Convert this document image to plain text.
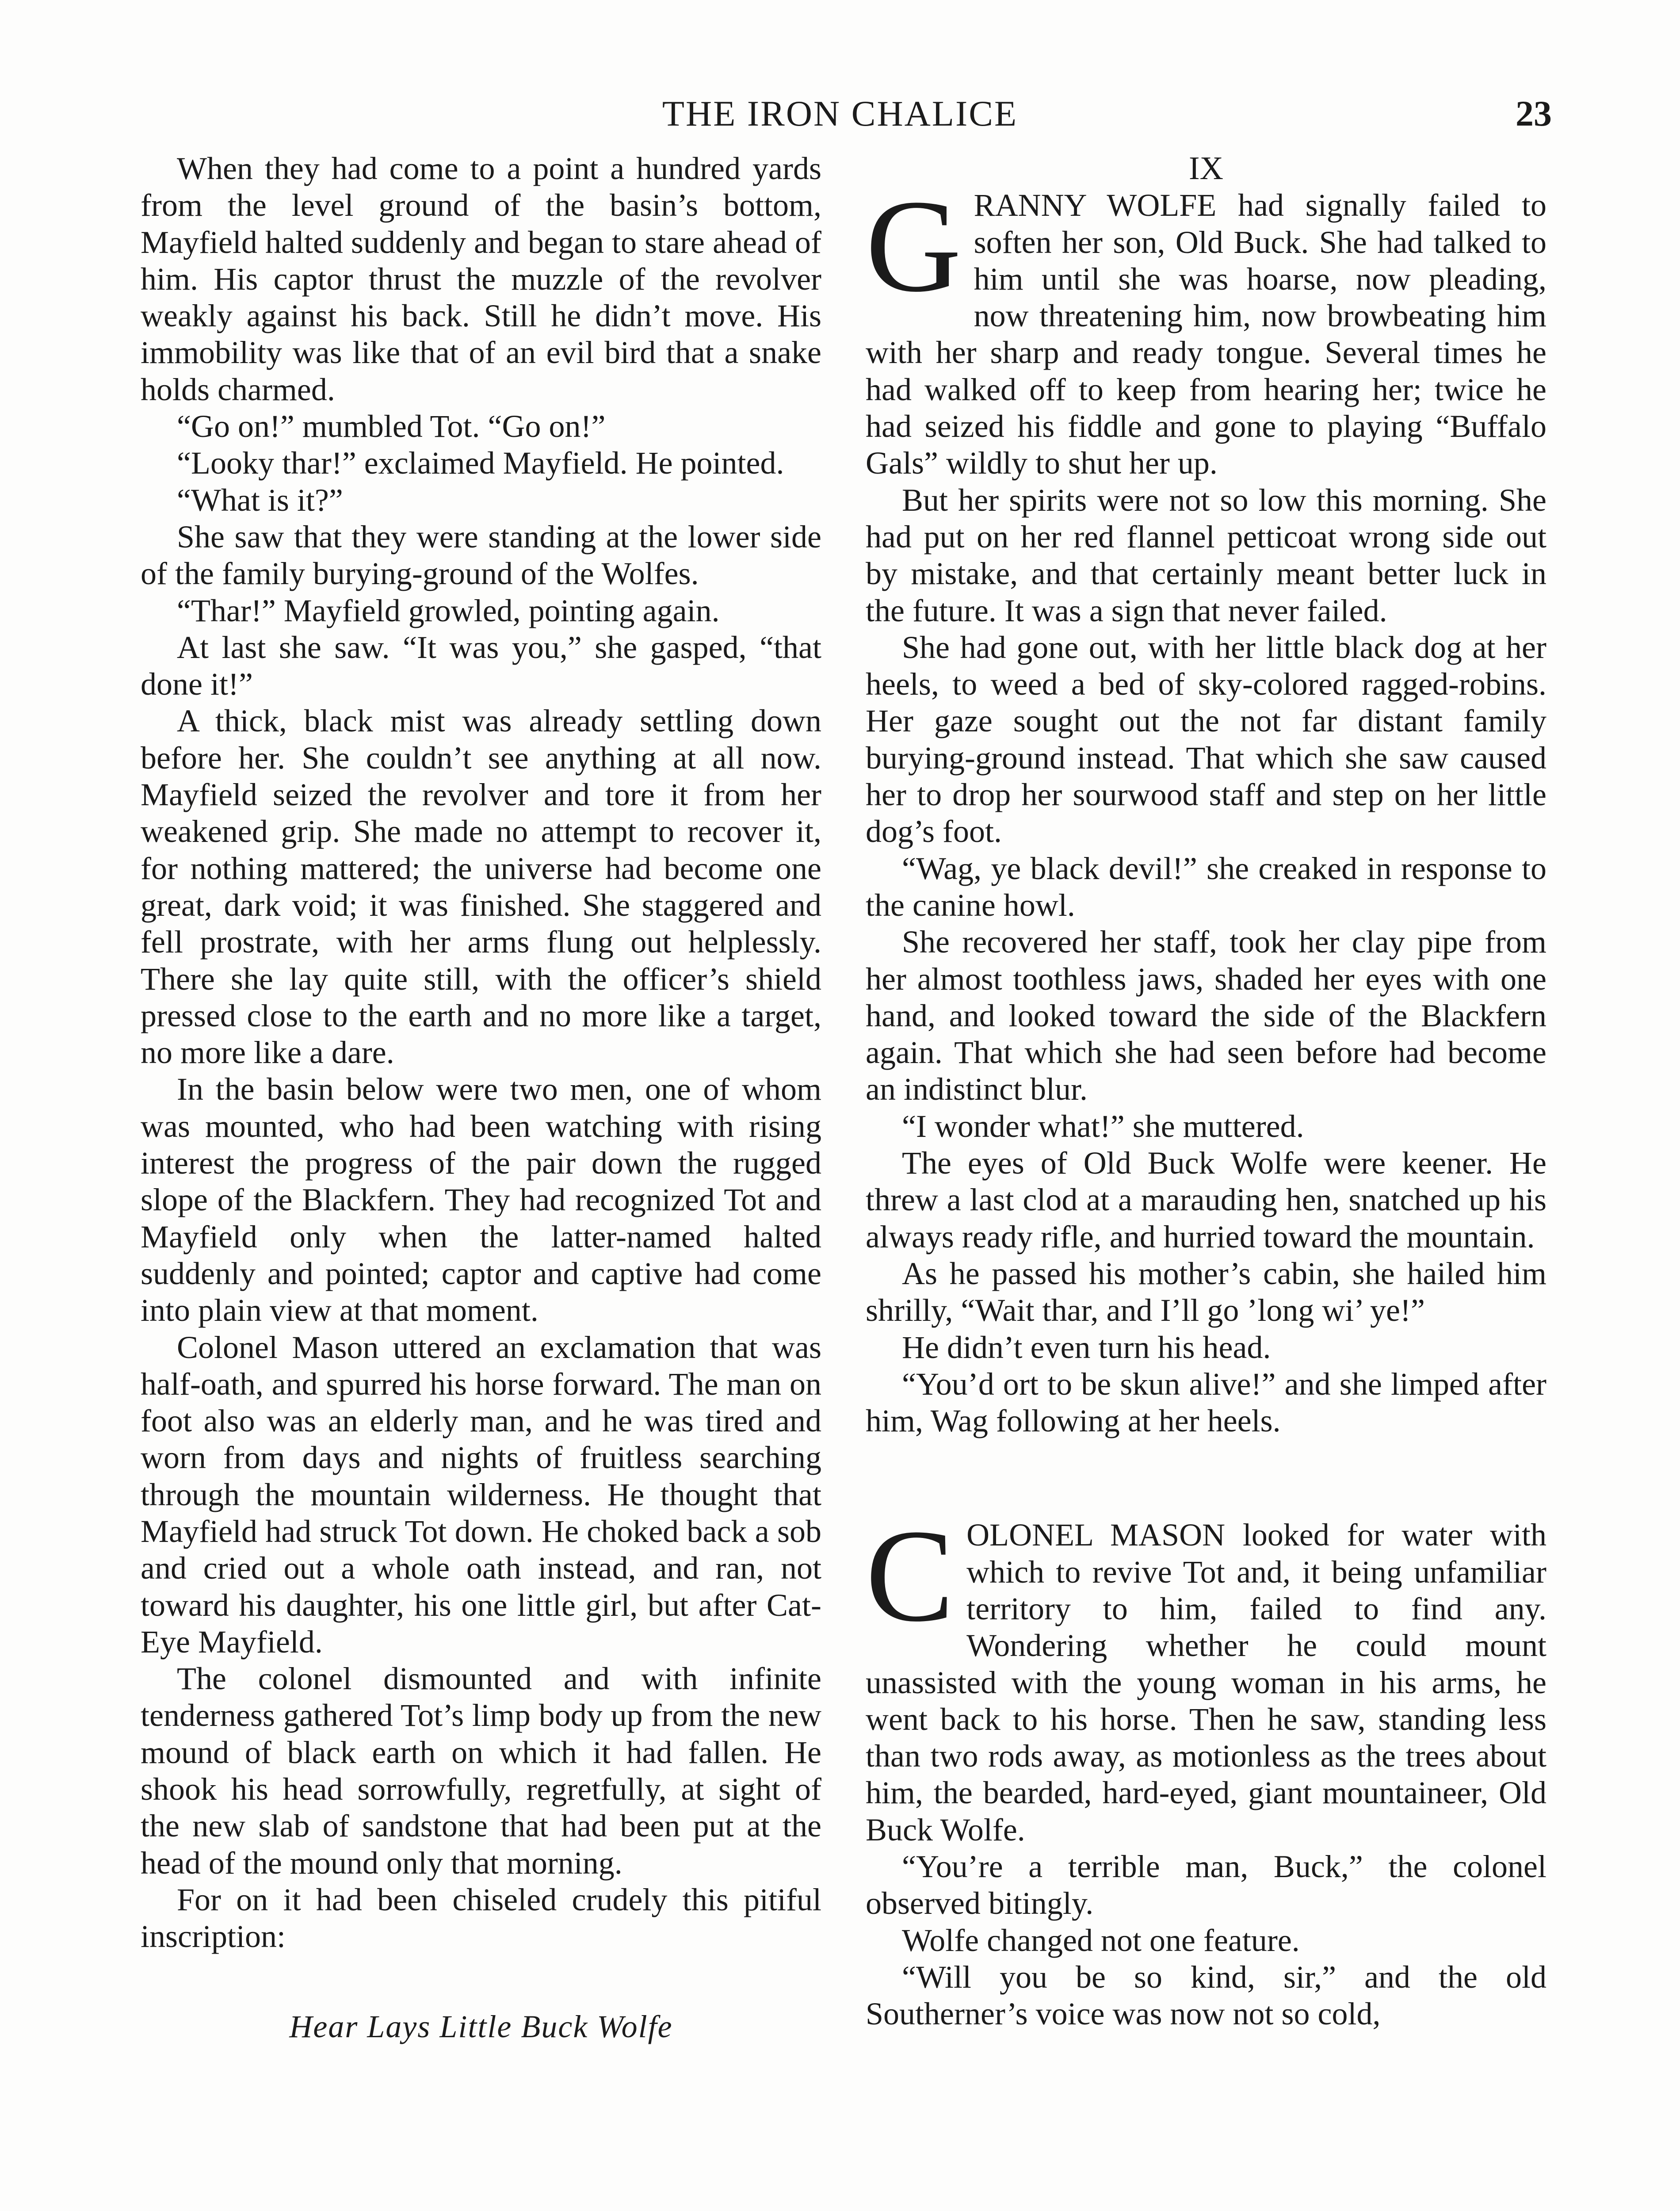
THE IRON CHALICE	23

When they had come to a point a hundred yards from the level ground of the basin’s bottom, Mayfield halted suddenly and began to stare ahead of him. His captor thrust the muzzle of the revolver weakly against his back. Still he didn’t move. His immobility was like that of an evil bird that a snake holds charmed.

“Go on!” mumbled Tot. “Go on!”

“Looky thar!” exclaimed Mayfield. He pointed.

“What is it?”

She saw that they were standing at the lower side of the family burying-ground of the Wolfes.

“Thar!” Mayfield growled, pointing again.

At last she saw. “It was you,” she gasped, “that done it!”

A thick, black mist was already settling down before her. She couldn’t see anything at all now. Mayfield seized the revolver and tore it from her weakened grip. She made no attempt to recover it, for nothing mattered; the universe had become one great, dark void; it was finished. She staggered and fell prostrate, with her arms flung out helplessly. There she lay quite still, with the officer’s shield pressed close to the earth and no more like a target, no more like a dare.

In the basin below were two men, one of whom was mounted, who had been watching with rising interest the progress of the pair down the rugged slope of the Blackfern. They had recognized Tot and Mayfield only when the latter-named halted suddenly and pointed; captor and captive had come into plain view at that moment.

Colonel Mason uttered an exclamation that was half-oath, and spurred his horse forward. The man on foot also was an elderly man, and he was tired and worn from days and nights of fruitless searching through the mountain wilderness. He thought that Mayfield had struck Tot down. He choked back a sob and cried out a whole oath instead, and ran, not toward his daughter, his one little girl, but after Cat-Eye Mayfield.

The colonel dismounted and with infinite tenderness gathered Tot’s limp body up from the new mound of black earth on which it had fallen. He shook his head sorrowfully, regretfully, at sight of the new slab of sandstone that had been put at the head of the mound only that morning.

For on it had been chiseled crudely this pitiful inscription:

Hear Lays Little Buck Wolfe

IX

GRANNY WOLFE had signally failed to soften her son, Old Buck. She had talked to him until she was hoarse, now pleading, now threatening him, now browbeating him with her sharp and ready tongue. Several times he had walked off to keep from hearing her; twice he had seized his fiddle and gone to playing “Buffalo Gals” wildly to shut her up.

But her spirits were not so low this morning. She had put on her red flannel petticoat wrong side out by mistake, and that certainly meant better luck in the future. It was a sign that never failed.

She had gone out, with her little black dog at her heels, to weed a bed of sky-colored ragged-robins. Her gaze sought out the not far distant family burying-ground instead. That which she saw caused her to drop her sourwood staff and step on her little dog’s foot.

“Wag, ye black devil!” she creaked in response to the canine howl.

She recovered her staff, took her clay pipe from her almost toothless jaws, shaded her eyes with one hand, and looked toward the side of the Blackfern again. That which she had seen before had become an indistinct blur.

“I wonder what!” she muttered.

The eyes of Old Buck Wolfe were keener. He threw a last clod at a marauding hen, snatched up his always ready rifle, and hurried toward the mountain.

As he passed his mother’s cabin, she hailed him shrilly, “Wait thar, and I’ll go ’long wi’ ye!”

He didn’t even turn his head.

“You’d ort to be skun alive!” and she limped after him, Wag following at her heels.

COLONEL MASON looked for water with which to revive Tot and, it being unfamiliar territory to him, failed to find any. Wondering whether he could mount unassisted with the young woman in his arms, he went back to his horse. Then he saw, standing less than two rods away, as motionless as the trees about him, the bearded, hard-eyed, giant mountaineer, Old Buck Wolfe.

“You’re a terrible man, Buck,” the colonel observed bitingly.

Wolfe changed not one feature.

“Will you be so kind, sir,” and the old Southerner’s voice was now not so cold,
